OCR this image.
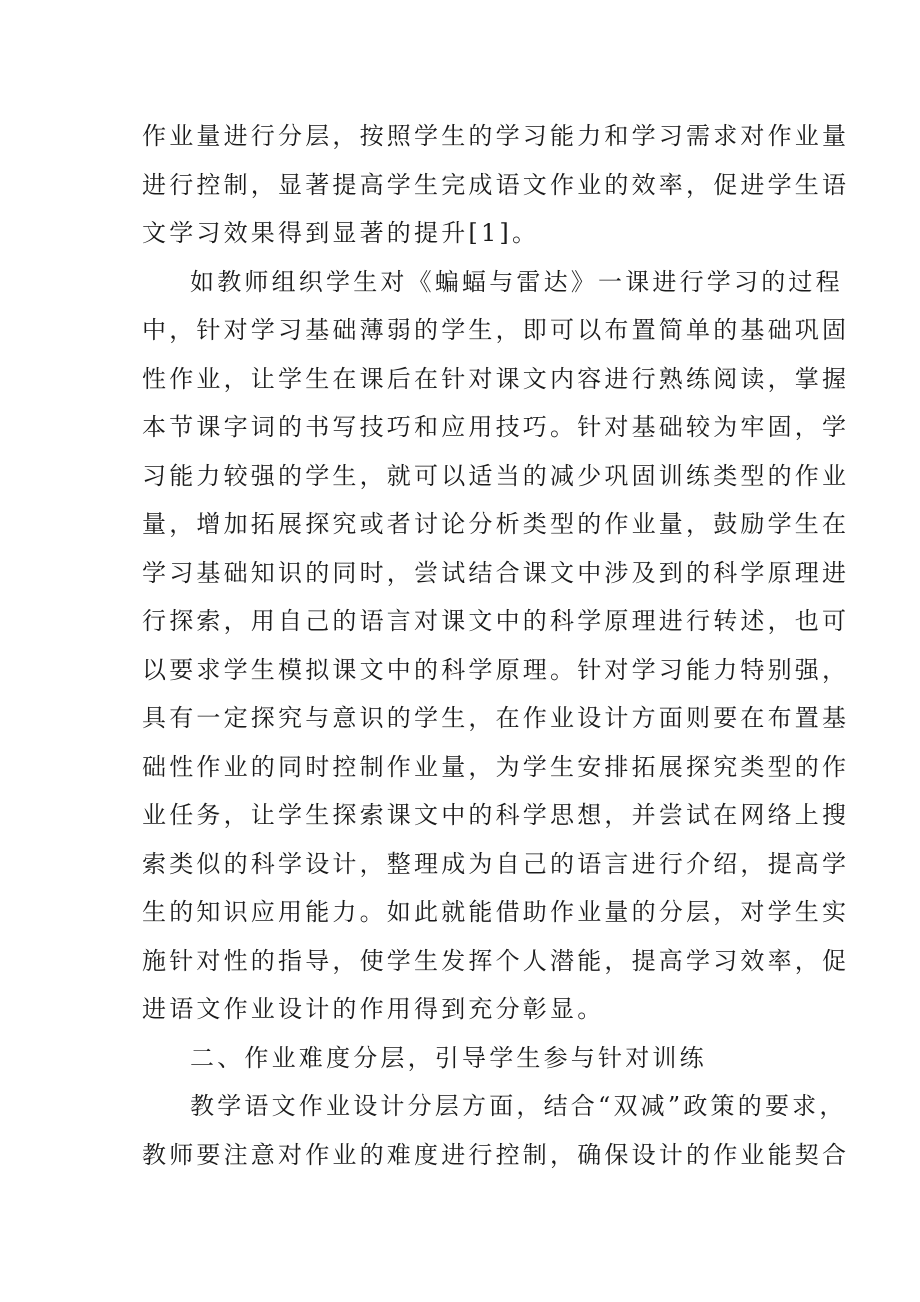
作业量进行分层，按照学生的学习能力和学习需求对作业量
进行控制，显著提高学生完成语文作业的效率，促进学生语
文学习效果得到显著的提升[1]。
如教师组织学生对《蝙蝠与雷达》一课进行学习的过程
中，针对学习基础薄弱的学生，即可以布置简单的基础巩固
性作业，让学生在课后在针对课文内容进行熟练阅读，掌握
本节课字词的书写技巧和应用技巧。针对基础较为牢固，学
习能力较强的学生，就可以适当的减少巩固训练类型的作业
量，增加拓展探究或者讨论分析类型的作业量，鼓励学生在
学习基础知识的同时，尝试结合课文中涉及到的科学原理进
行探索，用自己的语言对课文中的科学原理进行转述，也可
以要求学生模拟课文中的科学原理。针对学习能力特别强，
具有一定探究与意识的学生，在作业设计方面则要在布置基
础性作业的同时控制作业量，为学生安排拓展探究类型的作
业任务，让学生探索课文中的科学思想，并尝试在网络上搜
索类似的科学设计，整理成为自己的语言进行介绍，提高学
生的知识应用能力。如此就能借助作业量的分层，对学生实
施针对性的指导，使学生发挥个人潜能，提高学习效率，促
进语文作业设计的作用得到充分彰显。
二、作业难度分层，引导学生参与针对训练
教学语文作业设计分层方面，结合“双减”政策的要求，
教师要注意对作业的难度进行控制，确保设计的作业能契合
